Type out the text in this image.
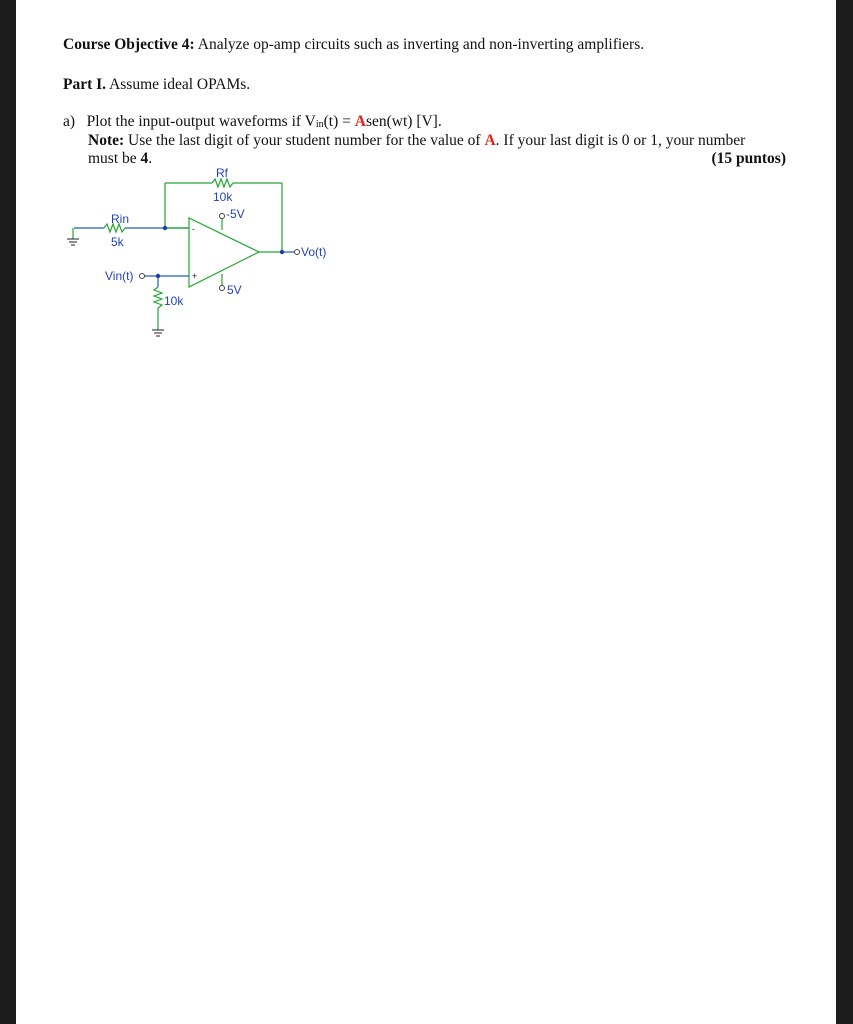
Course Objective 4: Analyze op-amp circuits such as inverting and non-inverting amplifiers.
Part I. Assume ideal OPAMs.
a) Plot the input-output waveforms if $V_{in}(t)$ = Asen(wt) [V].
Note: Use the last digit of your student number for the value of A. If your last digit is 0 or 1, your number
must be 4.	(15 puntos)
Rf
10k
-5V
Rin
5k
Vo(t)
Vin(t)
5V
10k
-
+
